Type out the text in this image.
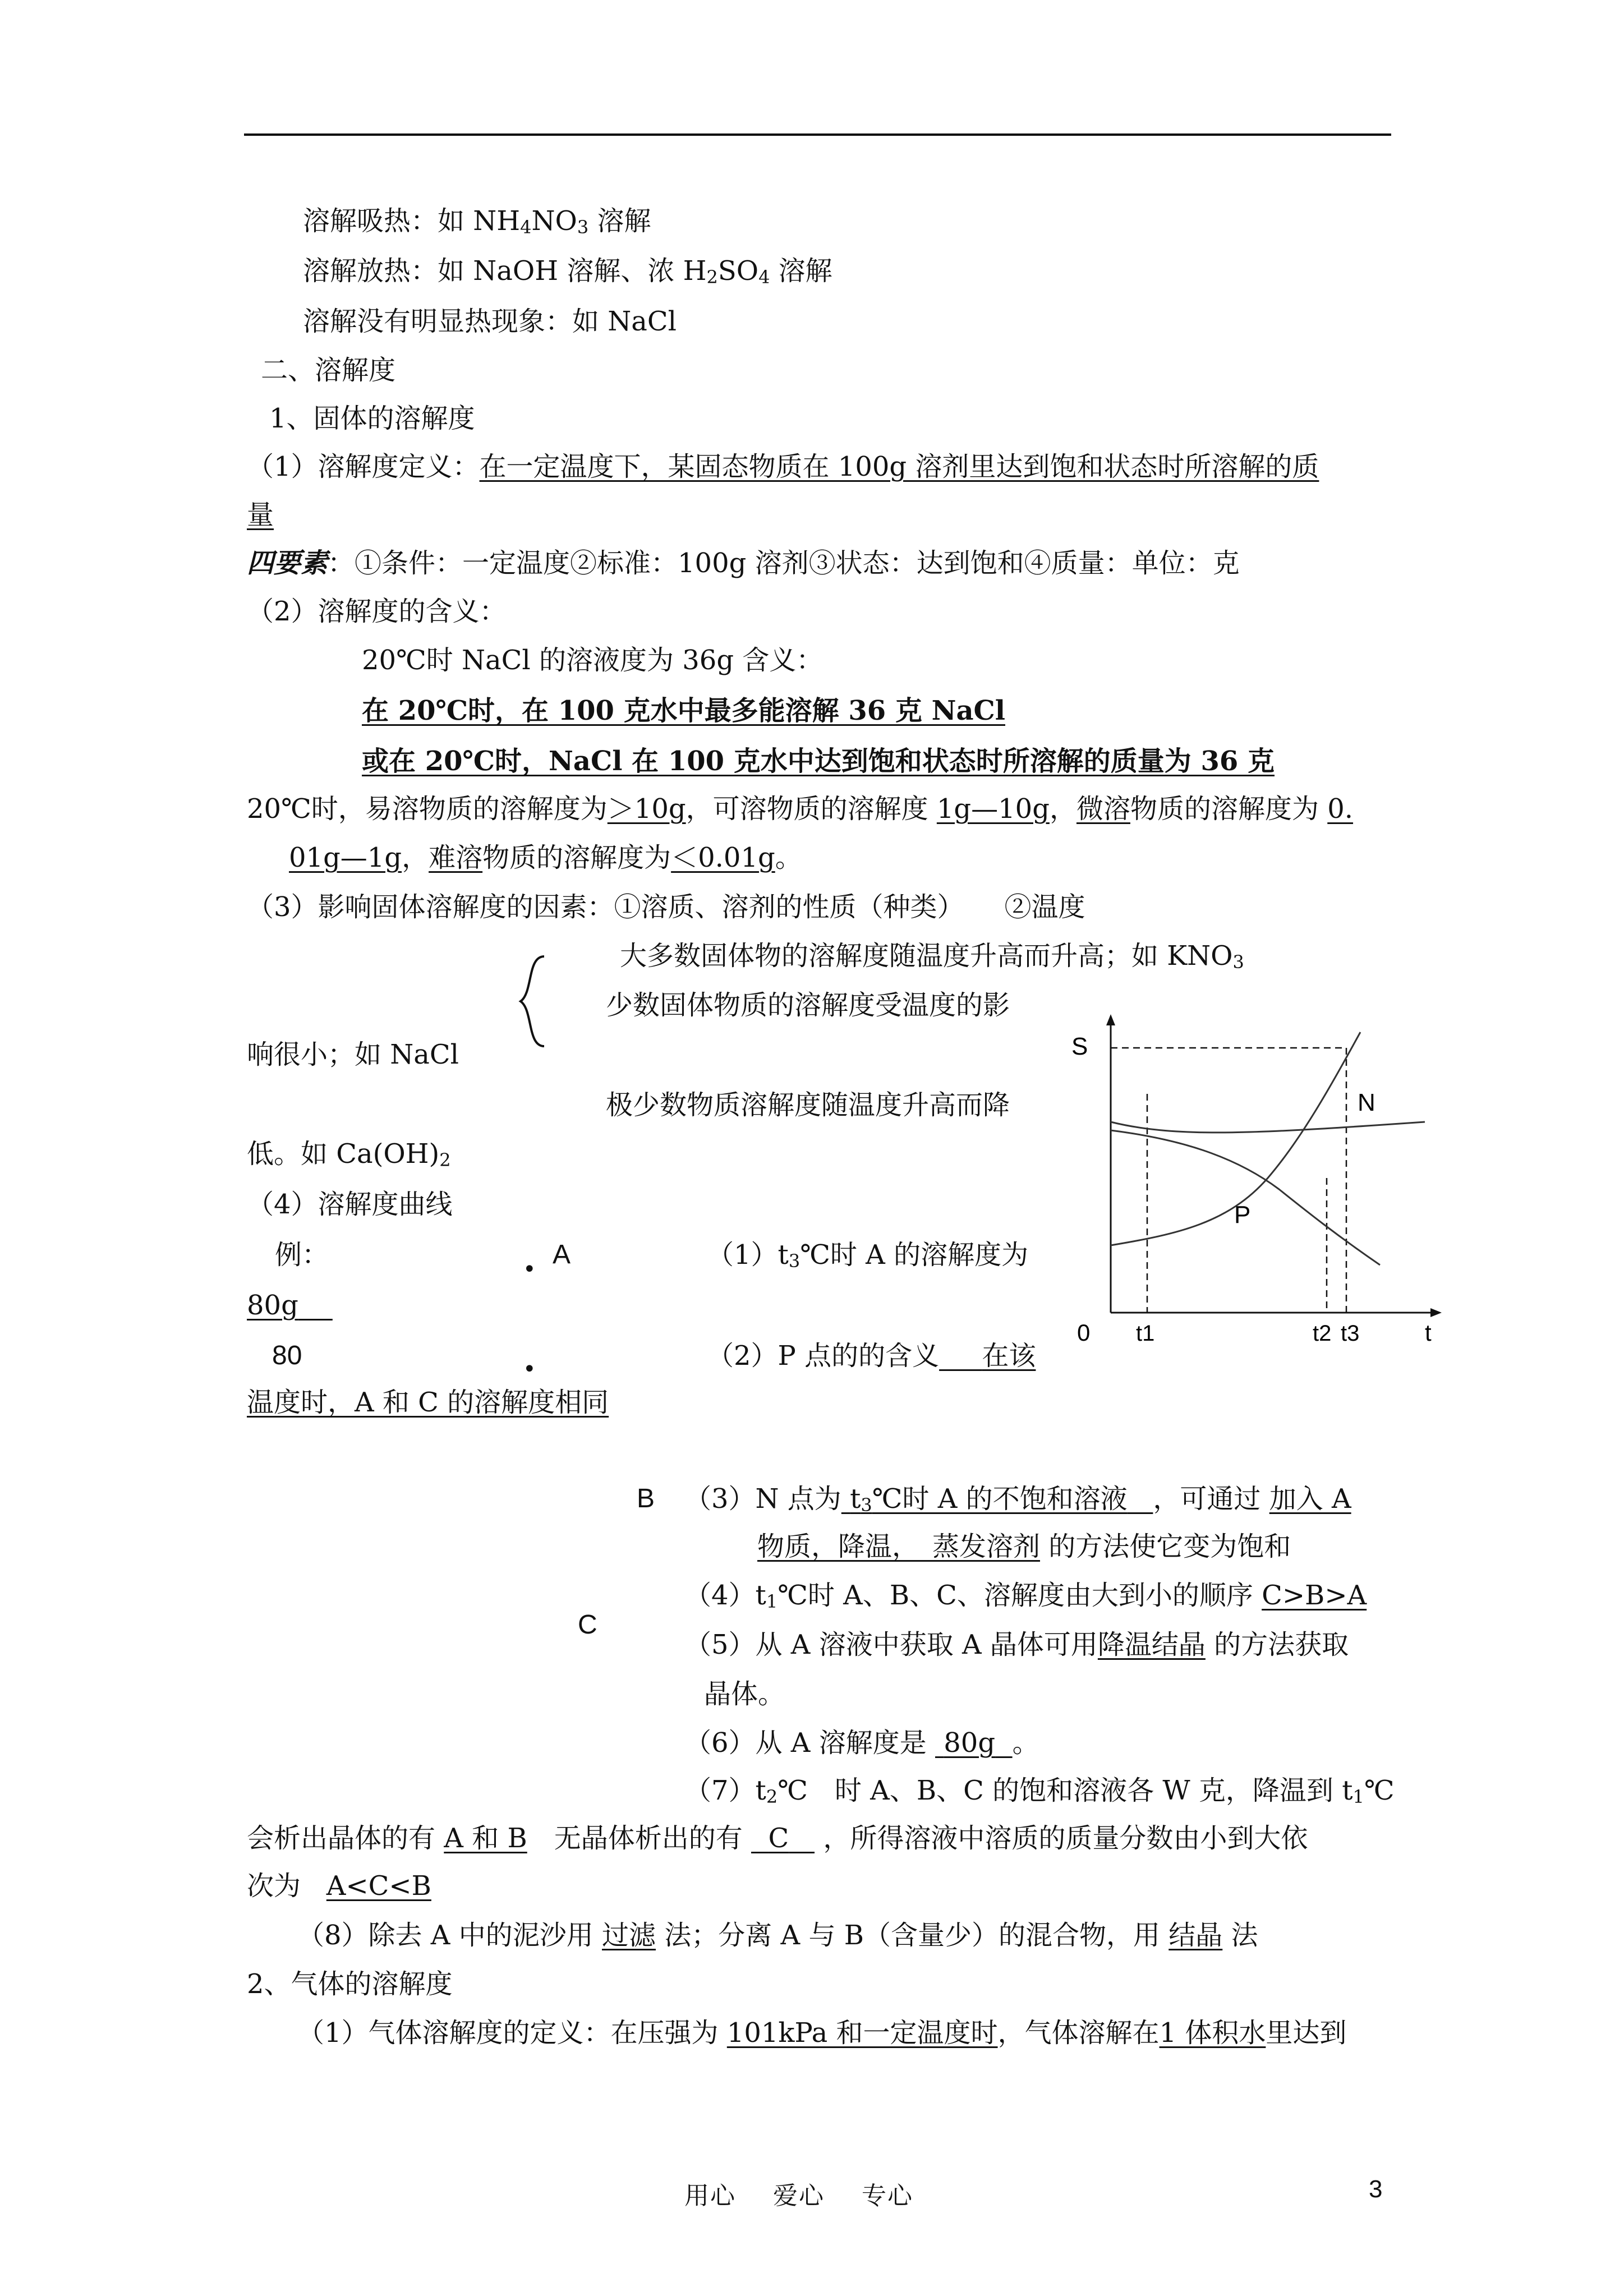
溶解吸热：如 $NH_4NO_3$ 溶解
溶解放热：如 NaOH 溶解、浓 $H_2SO_4$ 溶解
溶解没有明显热现象：如 NaCl
二、溶解度
1、固体的溶解度
（1）溶解度定义：在一定温度下，某固态物质在 100g 溶剂里达到饱和状态时所溶解的质
量
四要素：①条件：一定温度②标准：100g 溶剂③状态：达到饱和④质量：单位：克
（2）溶解度的含义：
20℃时 NaCl 的溶液度为 36g 含义：
在 20℃时，在 100 克水中最多能溶解 36 克 NaCl
或在 20℃时，NaCl 在 100 克水中达到饱和状态时所溶解的质量为 36 克
20℃时，易溶物质的溶解度为＞10g，可溶物质的溶解度 1g—10g，微溶物质的溶解度为 0.
01g—1g，难溶物质的溶解度为＜0.01g。
（3）影响固体溶解度的因素：①溶质、溶剂的性质（种类）　　②温度
大多数固体物的溶解度随温度升高而升高；如 $KNO_3$
少数固体物质的溶解度受温度的影
响很小；如 NaCl
极少数物质溶解度随温度升高而降
低。如 $Ca(OH)_2$
（4）溶解度曲线
例：	• A	$(1)t_3℃$时 A 的溶解度为
80g
80	（2）P 点的的含义 在该
•
温度时，A 和 C 的溶解度相同
B （3）N 点为 $t_3℃$时 A 的不饱和溶液 ，可通过 加入 A
物质，降温，　蒸发溶剂 的方法使它变为饱和
$(4)t_1℃$时 A、B、C、溶解度由大到小的顺序 C>B>A
C
（5）从 A 溶液中获取 A 晶体可用降温结晶 的方法获取
晶体。
（6）从 A 溶解度是 80g 。
$(7)t_2℃$　时 A、B、C 的饱和溶液各 W 克，降温到 $t_1℃$
会析出晶体的有 A 和 B　无晶体析出的有 C ，所得溶液中溶质的质量分数由小到大依
次为 A<C<B
（8）除去 A 中的泥沙用 过滤 法；分离 A 与 B（含量少）的混合物，用 结晶 法
2、气体的溶解度
（1）气体溶解度的定义：在压强为 101kPa 和一定温度时，气体溶解在1 体积水里达到
S
N
P
0 t1	t2 t3	t
用心 爱心 专心	3
